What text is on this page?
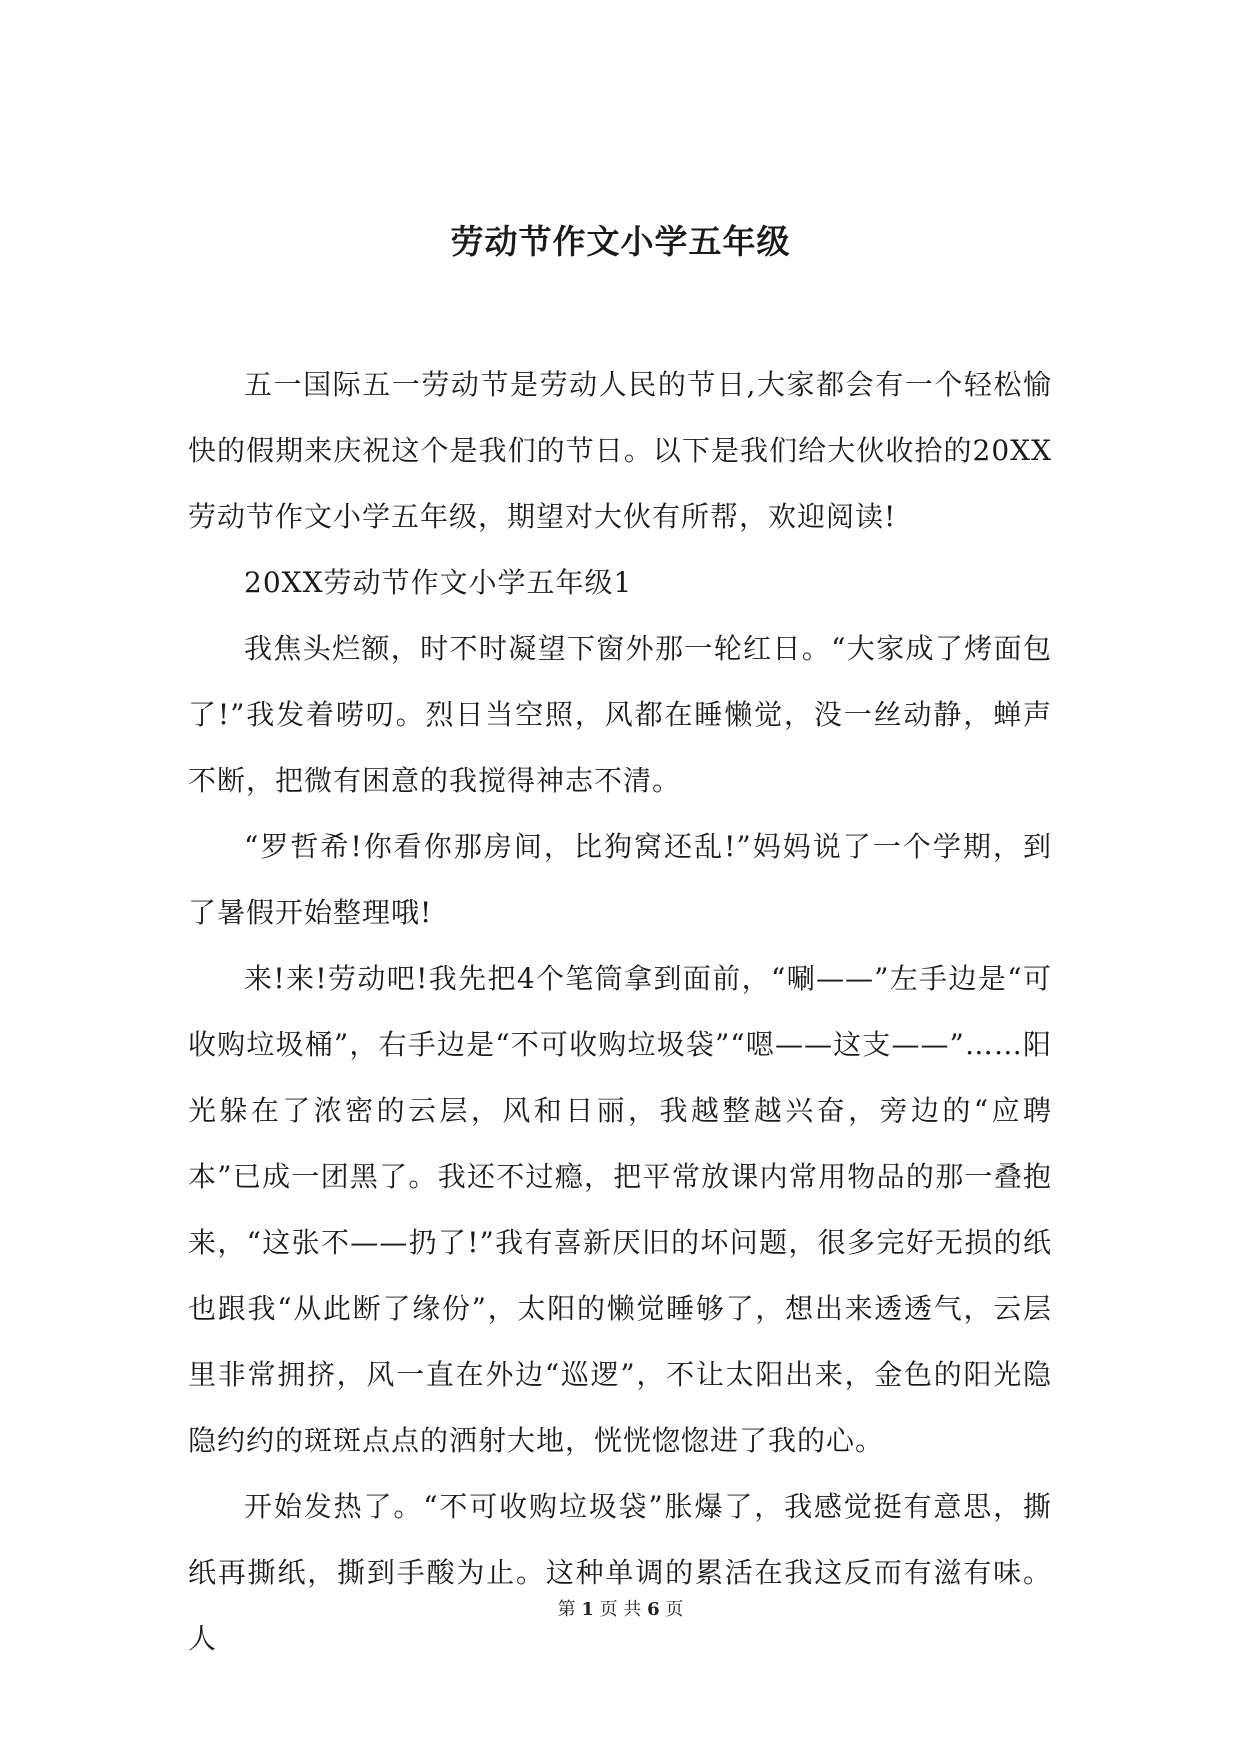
劳动节作文小学五年级

五一国际五一劳动节是劳动人民的节日,大家都会有一个轻松愉快的假期来庆祝这个是我们的节日。以下是我们给大伙收拾的20XX劳动节作文小学五年级，期望对大伙有所帮，欢迎阅读!

20XX劳动节作文小学五年级1

我焦头烂额，时不时凝望下窗外那一轮红日。“大家成了烤面包了!”我发着唠叨。烈日当空照，风都在睡懒觉，没一丝动静，蝉声不断，把微有困意的我搅得神志不清。

“罗哲希!你看你那房间，比狗窝还乱!”妈妈说了一个学期，到了暑假开始整理哦!

来!来!劳动吧!我先把4个笔筒拿到面前，“唰——”左手边是“可收购垃圾桶”，右手边是“不可收购垃圾袋”“嗯——这支——”……阳光躲在了浓密的云层，风和日丽，我越整越兴奋，旁边的“应聘本”已成一团黑了。我还不过瘾，把平常放课内常用物品的那一叠抱来，“这张不——扔了!”我有喜新厌旧的坏问题，很多完好无损的纸也跟我“从此断了缘份”，太阳的懒觉睡够了，想出来透透气，云层里非常拥挤，风一直在外边“巡逻”，不让太阳出来，金色的阳光隐隐约约的斑斑点点的洒射大地，恍恍惚惚进了我的心。

开始发热了。“不可收购垃圾袋”胀爆了，我感觉挺有意思，撕纸再撕纸，撕到手酸为止。这种单调的累活在我这反而有滋有味。人

第 1 页 共 6 页
